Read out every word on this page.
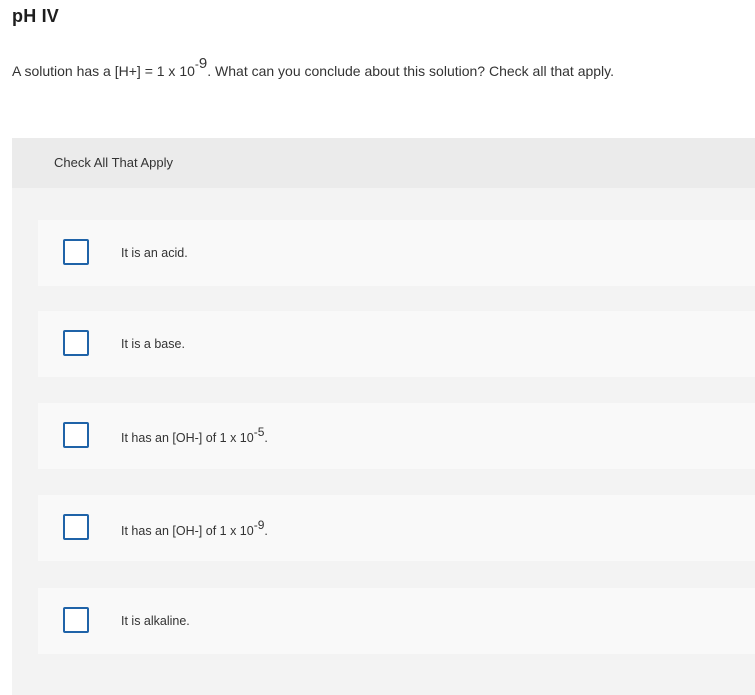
pH IV
A solution has a [H+] = 1 x $10^{-9}$. What can you conclude about this solution? Check all that apply.
Check All That Apply
It is an acid.
It is a base.
It has an [OH-] of 1 x $10^{-5}$.
It has an [OH-] of 1 x $10^{-9}$.
It is alkaline.
